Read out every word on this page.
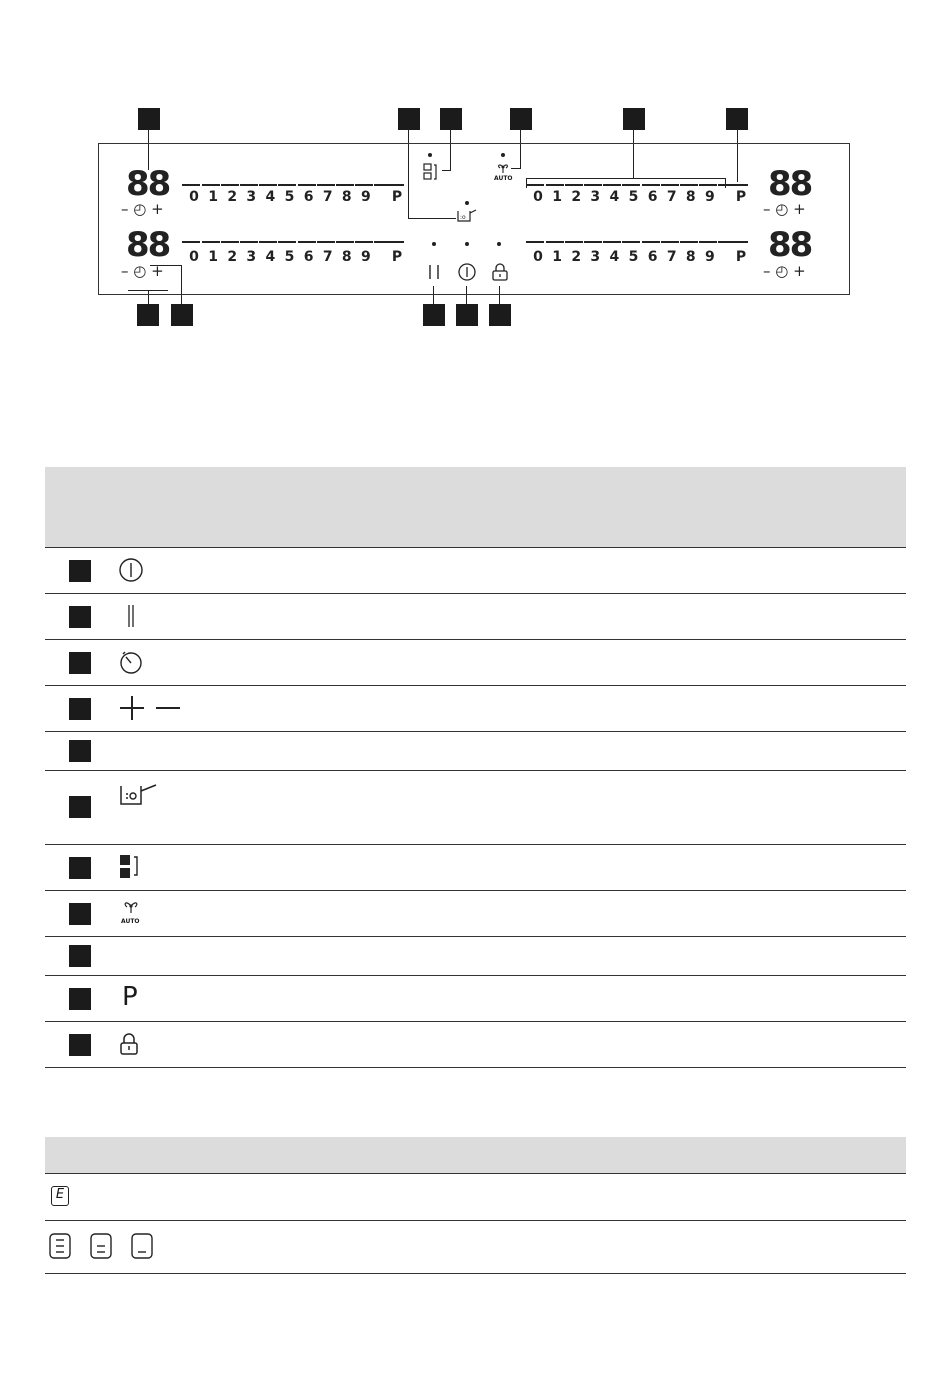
88
88
88
88
– ◴ +
– ◴ +
– ◴ +
– ◴ +
0 1 2 3 4 5 6 7 8 9 P
0 1 2 3 4 5 6 7 8 9 P
0 1 2 3 4 5 6 7 8 9 P
0 1 2 3 4 5 6 7 8 9 P
AUTO
:o
AUTO
P
E
